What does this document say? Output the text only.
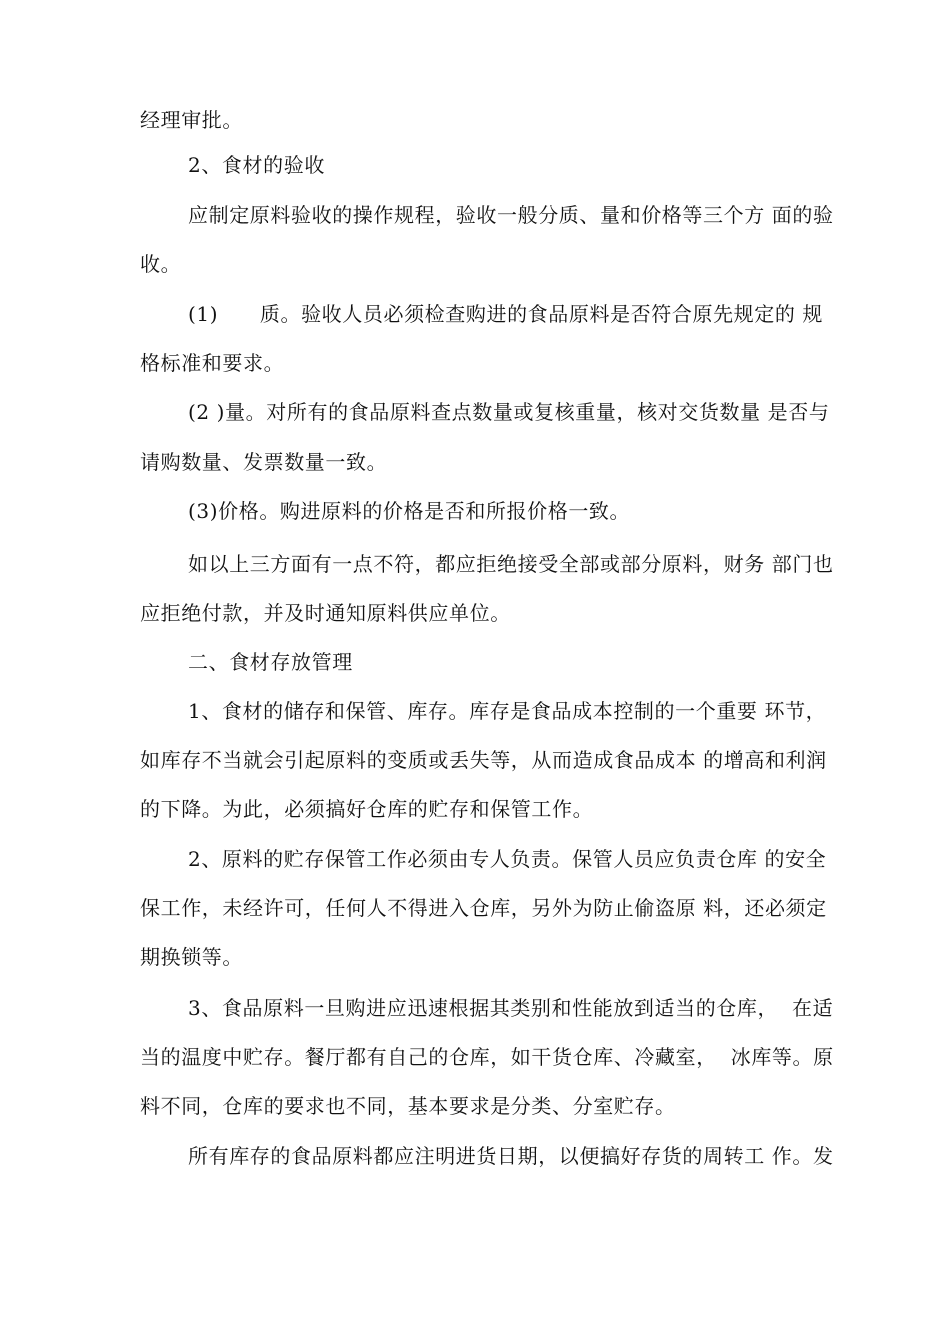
经理审批。
2、食材的验收
应制定原料验收的操作规程，验收一般分质、量和价格等三个方 面的验
收。
(1)      质。验收人员必须检查购进的食品原料是否符合原先规定的 规
格标准和要求。
(2 )量。对所有的食品原料查点数量或复核重量，核对交货数量 是否与
请购数量、发票数量一致。
(3)价格。购进原料的价格是否和所报价格一致。
如以上三方面有一点不符，都应拒绝接受全部或部分原料，财务 部门也
应拒绝付款，并及时通知原料供应单位。
二、食材存放管理
1、食材的储存和保管、库存。库存是食品成本控制的一个重要 环节，
如库存不当就会引起原料的变质或丢失等，从而造成食品成本 的增高和利润
的下降。为此，必须搞好仓库的贮存和保管工作。
2、原料的贮存保管工作必须由专人负责。保管人员应负责仓库 的安全
保工作，未经许可，任何人不得进入仓库，另外为防止偷盗原 料，还必须定
期换锁等。
3、食品原料一旦购进应迅速根据其类别和性能放到适当的仓库，  在适
当的温度中贮存。餐厅都有自己的仓库，如干货仓库、冷藏室，  冰库等。原
料不同，仓库的要求也不同，基本要求是分类、分室贮存。
所有库存的食品原料都应注明进货日期，以便搞好存货的周转工 作。发
